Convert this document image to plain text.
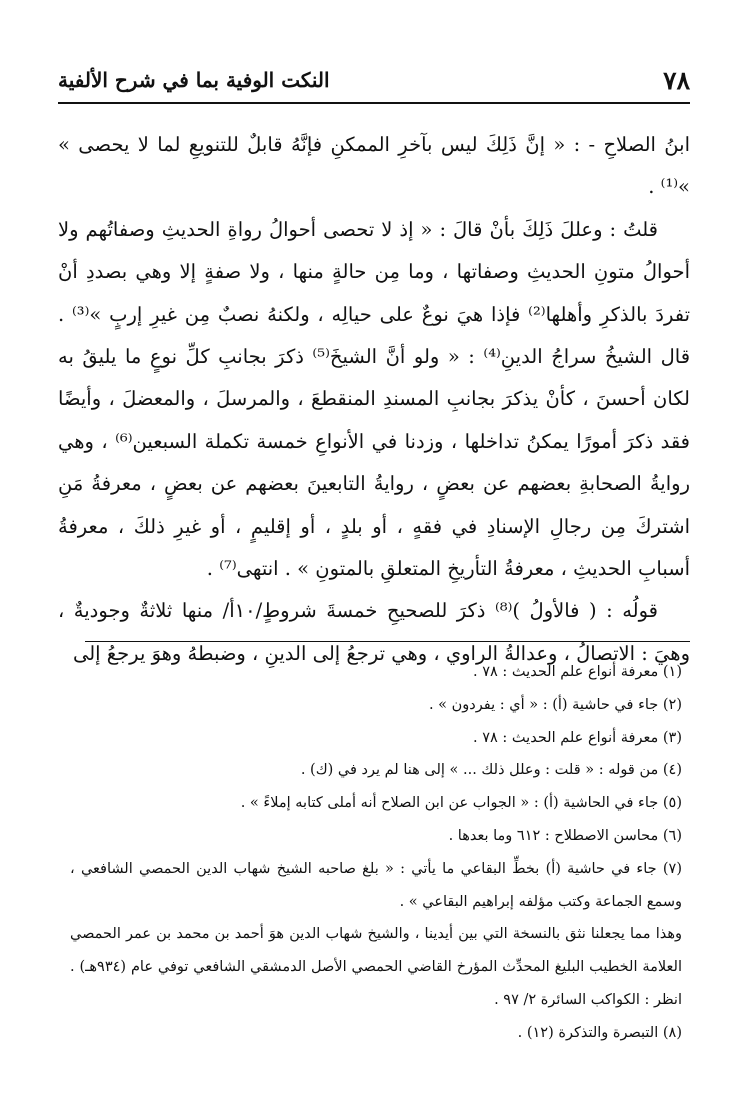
٧٨
النكت الوفية بما في شرح الألفية

ابنُ الصلاحِ - : « إنَّ ذَلِكَ ليس بآخرِ الممكنِ فإنَّهُ قابلٌ للتنويعِ لما لا يحصى » »⁽¹⁾ .

قلتُ : وعللَ ذَلِكَ بأنْ قالَ : « إذ لا تحصى أحوالُ رواةِ الحديثِ وصفاتُهم ولا أحوالُ متونِ الحديثِ وصفاتها ، وما مِن حالةٍ منها ، ولا صفةٍ إلا وهي بصددِ أنْ تفردَ بالذكرِ وأهلها⁽²⁾ فإذا هيَ نوعٌ على حيالِه ، ولكنهُ نصبٌ مِن غيرِ إربٍ »⁽³⁾ . قال الشيخُ سراجُ الدينِ⁽⁴⁾ : « ولو أنَّ الشيخَ⁽⁵⁾ ذكرَ بجانبِ كلِّ نوعٍ ما يليقُ به لكان أحسنَ ، كأنْ يذكرَ بجانبِ المسندِ المنقطعَ ، والمرسلَ ، والمعضلَ ، وأيضًا فقد ذكرَ أمورًا يمكنُ تداخلها ، وزدنا في الأنواعِ خمسة تكملة السبعين⁽⁶⁾ ، وهي روايةُ الصحابةِ بعضهم عن بعضٍ ، روايةُ التابعينَ بعضهم عن بعضٍ ، معرفةُ مَنِ اشتركَ مِن رجالِ الإسنادِ في فقهٍ ، أو بلدٍ ، أو إقليمٍ ، أو غيرِ ذلكَ ، معرفةُ أسبابِ الحديثِ ، معرفةُ التأريخِ المتعلقِ بالمتونِ » . انتهى⁽⁷⁾ .

قولُه : ( فالأولُ )⁽⁸⁾ ذكرَ للصحيحِ خمسةَ شروطٍ/١٠أ/ منها ثلاثةٌ وجوديةٌ ، وهيَ : الاتصالُ ، وعدالةُ الراوي ، وهي ترجعُ إلى الدينِ ، وضبطهُ وهوَ يرجعُ إلى

(١) معرفة أنواع علم الحديث : ٧٨ .

(٢) جاء في حاشية (أ) : « أي : يفردون » .

(٣) معرفة أنواع علم الحديث : ٧٨ .

(٤) من قوله : « قلت : وعلل ذلك ... » إلى هنا لم يرد في (ك) .

(٥) جاء في الحاشية (أ) : « الجواب عن ابن الصلاح أنه أملى كتابه إملاءً » .

(٦) محاسن الاصطلاح : ٦١٢ وما بعدها .

(٧) جاء في حاشية (أ) بخطِّ البقاعي ما يأتي : « بلغ صاحبه الشيخ شهاب الدين الحمصي الشافعي ، وسمع الجماعة وكتب مؤلفه إبراهيم البقاعي » .

وهذا مما يجعلنا نثق بالنسخة التي بين أيدينا ، والشيخ شهاب الدين هوَ أحمد بن محمد بن عمر الحمصي العلامة الخطيب البليغ المحدِّث المؤرخ القاضي الحمصي الأصل الدمشقي الشافعي توفي عام (٩٣٤هـ) . انظر : الكواكب السائرة ٢/ ٩٧ .

(٨) التبصرة والتذكرة (١٢) .
